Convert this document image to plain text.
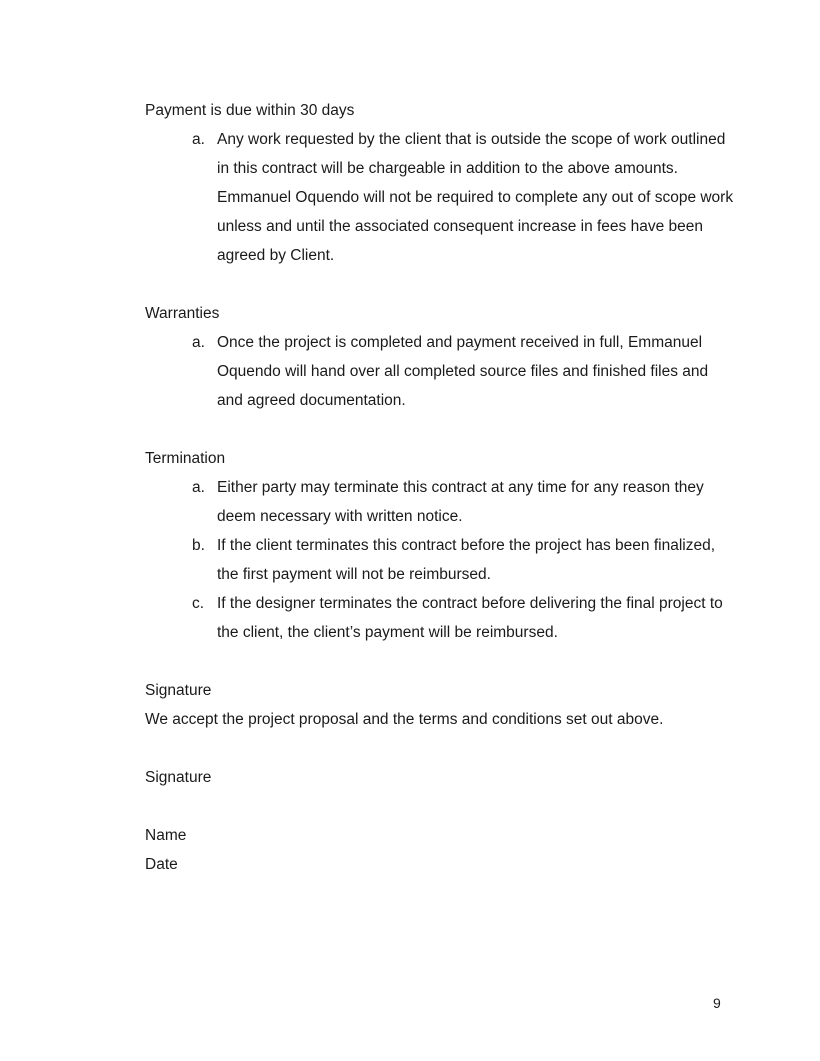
Payment is due within 30 days

a. Any work requested by the client that is outside the scope of work outlined in this contract will be chargeable in addition to the above amounts. Emmanuel Oquendo will not be required to complete any out of scope work unless and until the associated consequent increase in fees have been agreed by Client.

Warranties

a. Once the project is completed and payment received in full, Emmanuel Oquendo will hand over all completed source files and finished files and and agreed documentation.

Termination

a. Either party may terminate this contract at any time for any reason they deem necessary with written notice.
b. If the client terminates this contract before the project has been finalized, the first payment will not be reimbursed.
c. If the designer terminates the contract before delivering the final project to the client, the client’s payment will be reimbursed.

Signature

We accept the project proposal and the terms and conditions set out above.

Signature

Name

Date

9
